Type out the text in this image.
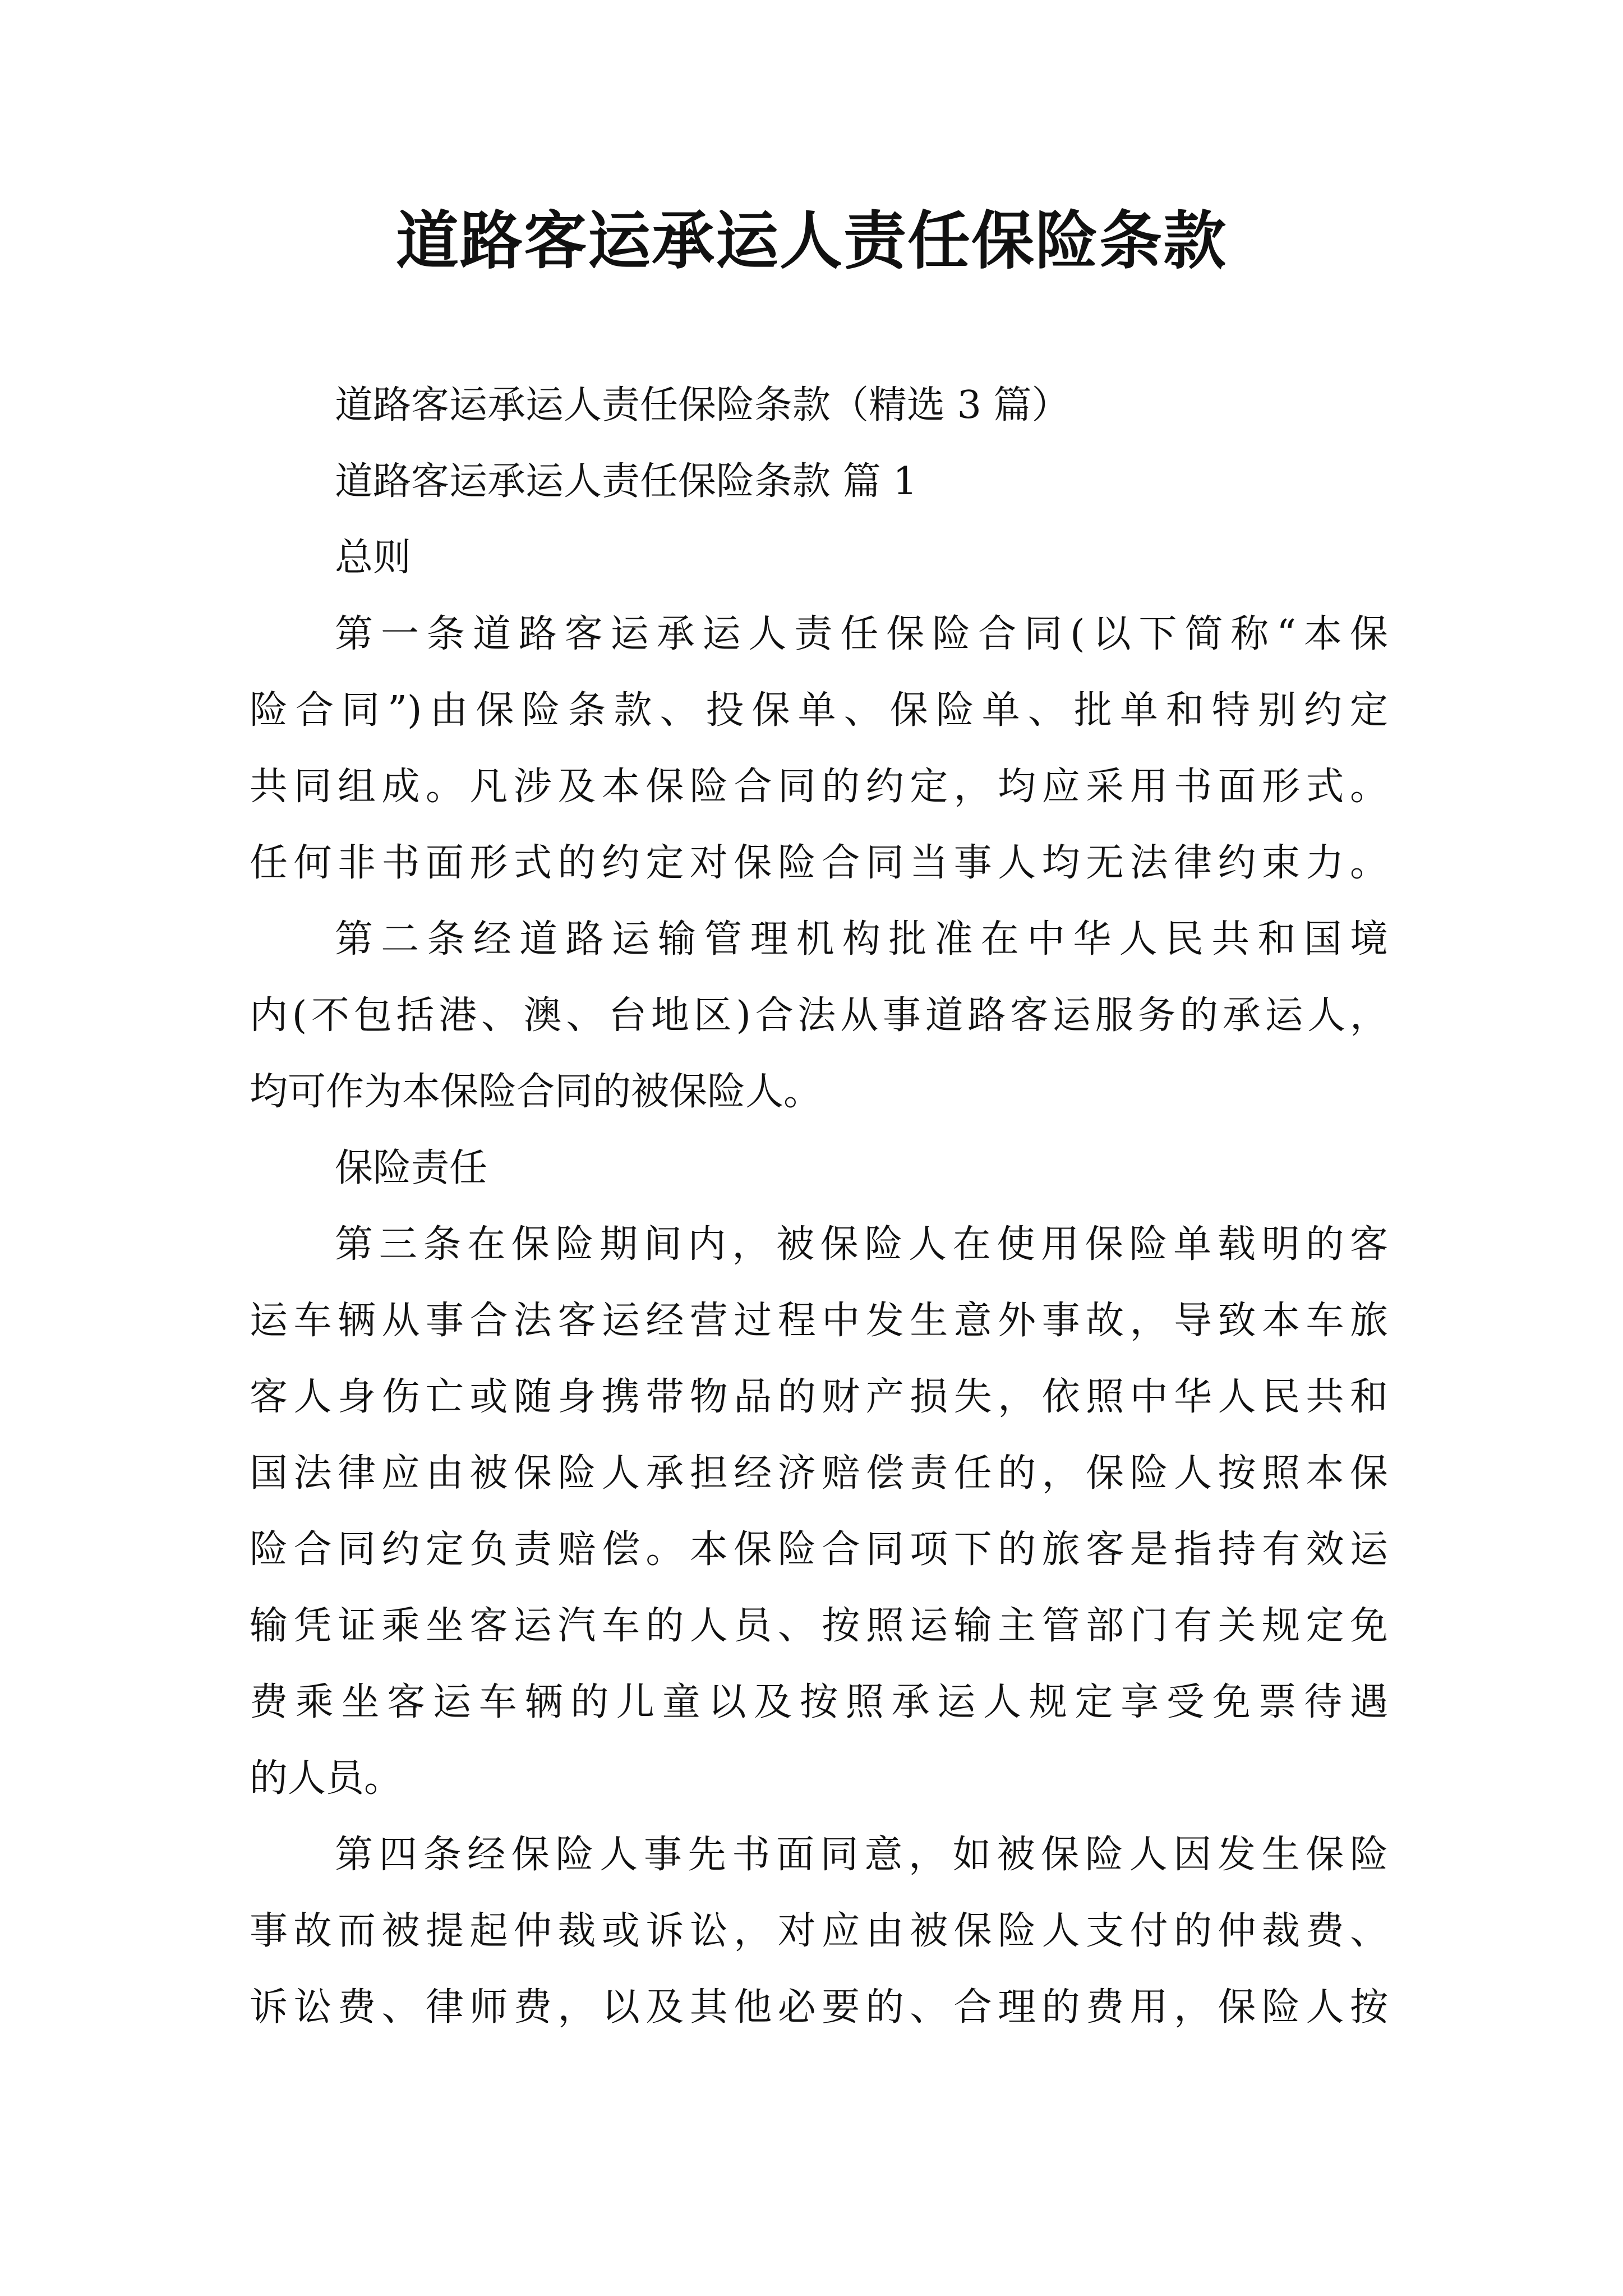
道路客运承运人责任保险条款

道路客运承运人责任保险条款（精选 3 篇）

道路客运承运人责任保险条款 篇 1

总则

第一条道路客运承运人责任保险合同(以下简称“本保

险合同”)由保险条款、投保单、保险单、批单和特别约定

共同组成。凡涉及本保险合同的约定，均应采用书面形式。

任何非书面形式的约定对保险合同当事人均无法律约束力。

第二条经道路运输管理机构批准在中华人民共和国境

内(不包括港、澳、台地区)合法从事道路客运服务的承运人，

均可作为本保险合同的被保险人。

保险责任

第三条在保险期间内，被保险人在使用保险单载明的客

运车辆从事合法客运经营过程中发生意外事故，导致本车旅

客人身伤亡或随身携带物品的财产损失，依照中华人民共和

国法律应由被保险人承担经济赔偿责任的，保险人按照本保

险合同约定负责赔偿。本保险合同项下的旅客是指持有效运

输凭证乘坐客运汽车的人员、按照运输主管部门有关规定免

费乘坐客运车辆的儿童以及按照承运人规定享受免票待遇

的人员。

第四条经保险人事先书面同意，如被保险人因发生保险

事故而被提起仲裁或诉讼，对应由被保险人支付的仲裁费、

诉讼费、律师费，以及其他必要的、合理的费用，保险人按
